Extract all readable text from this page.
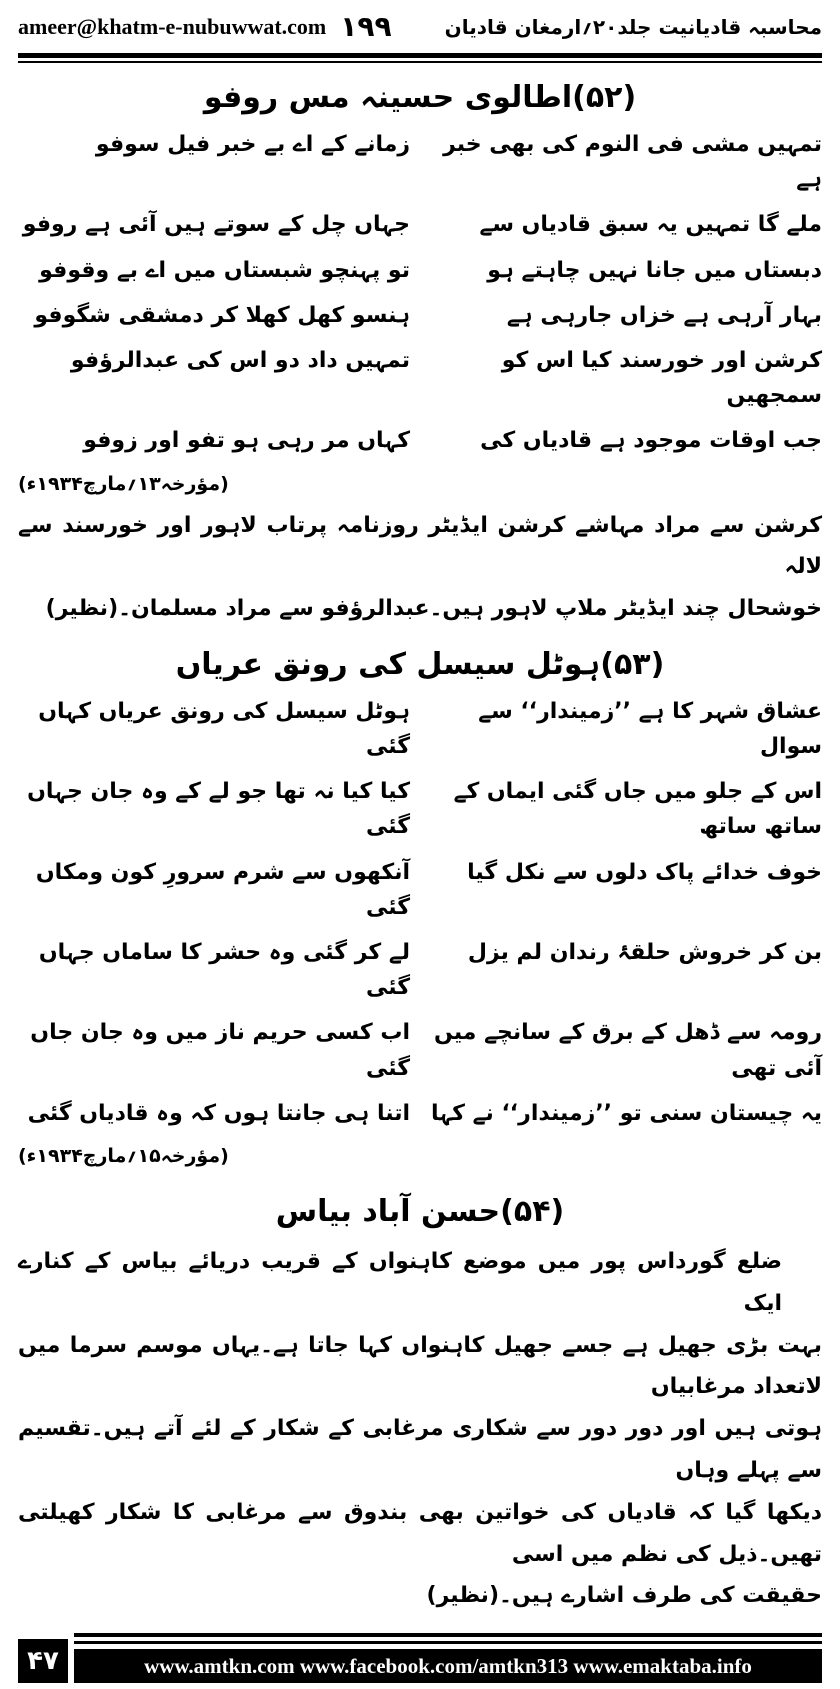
ameer@khatm-e-nubuwwat.com ۱۹۹	محاسبہ قادیانیت جلد۲۰؍ارمغان قادیان
(۵۲)اطالوی حسینہ مس روفو
تمہیں مشی فی النوم کی بھی خبر ہے
زمانے کے اے بے خبر فیل سوفو
ملے گا تمہیں یہ سبق قادیاں سے
جہاں چل کے سوتے ہیں آئی ہے روفو
دبستاں میں جانا نہیں چاہتے ہو
تو پہنچو شبستاں میں اے بے وقوفو
بہار آرہی ہے خزاں جارہی ہے
ہنسو کھل کھلا کر دمشقی شگوفو
کرشن اور خورسند کیا اس کو سمجھیں
تمہیں داد دو اس کی عبدالرؤفو
جب اوقات موجود ہے قادیاں کی
کہاں مر رہی ہو تفو اور زوفو
(مؤرخہ۱۳؍مارچ۱۹۳۴ء)
کرشن سے مراد مہاشے کرشن ایڈیٹر روزنامہ پرتاب لاہور اور خورسند سے لالہ
خوشحال چند ایڈیٹر ملاپ لاہور ہیں۔عبدالرؤفو سے مراد مسلمان۔(نظیر)
(۵۳)ہوٹل سیسل کی رونق عریاں
عشاق شہر کا ہے ’’زمیندار‘‘ سے سوال
ہوٹل سیسل کی رونق عریاں کہاں گئی
اس کے جلو میں جاں گئی ایماں کے ساتھ ساتھ
کیا کیا نہ تھا جو لے کے وہ جان جہاں گئی
خوف خدائے پاک دلوں سے نکل گیا
آنکھوں سے شرم سرورِ کون ومکاں گئی
بن کر خروش حلقۂ رندان لم یزل
لے کر گئی وہ حشر کا ساماں جہاں گئی
رومہ سے ڈھل کے برق کے سانچے میں آئی تھی
اب کسی حریم ناز میں وہ جان جاں گئی
یہ چیستان سنی تو ’’زمیندار‘‘ نے کہا
اتنا ہی جانتا ہوں کہ وہ قادیاں گئی
(مؤرخہ۱۵؍مارچ۱۹۳۴ء)
(۵۴)حسن آباد بیاس
ضلع گورداس پور میں موضع کاہنواں کے قریب دریائے بیاس کے کنارے ایک
بہت بڑی جھیل ہے جسے جھیل کاہنواں کہا جاتا ہے۔یہاں موسم سرما میں لاتعداد مرغابیاں
ہوتی ہیں اور دور دور سے شکاری مرغابی کے شکار کے لئے آتے ہیں۔تقسیم سے پہلے وہاں
دیکھا گیا کہ قادیاں کی خواتین بھی بندوق سے مرغابی کا شکار کھیلتی تھیں۔ذیل کی نظم میں اسی
حقیقت کی طرف اشارے ہیں۔(نظیر)
۴۷	www.amtkn.com www.facebook.com/amtkn313 www.emaktaba.info
